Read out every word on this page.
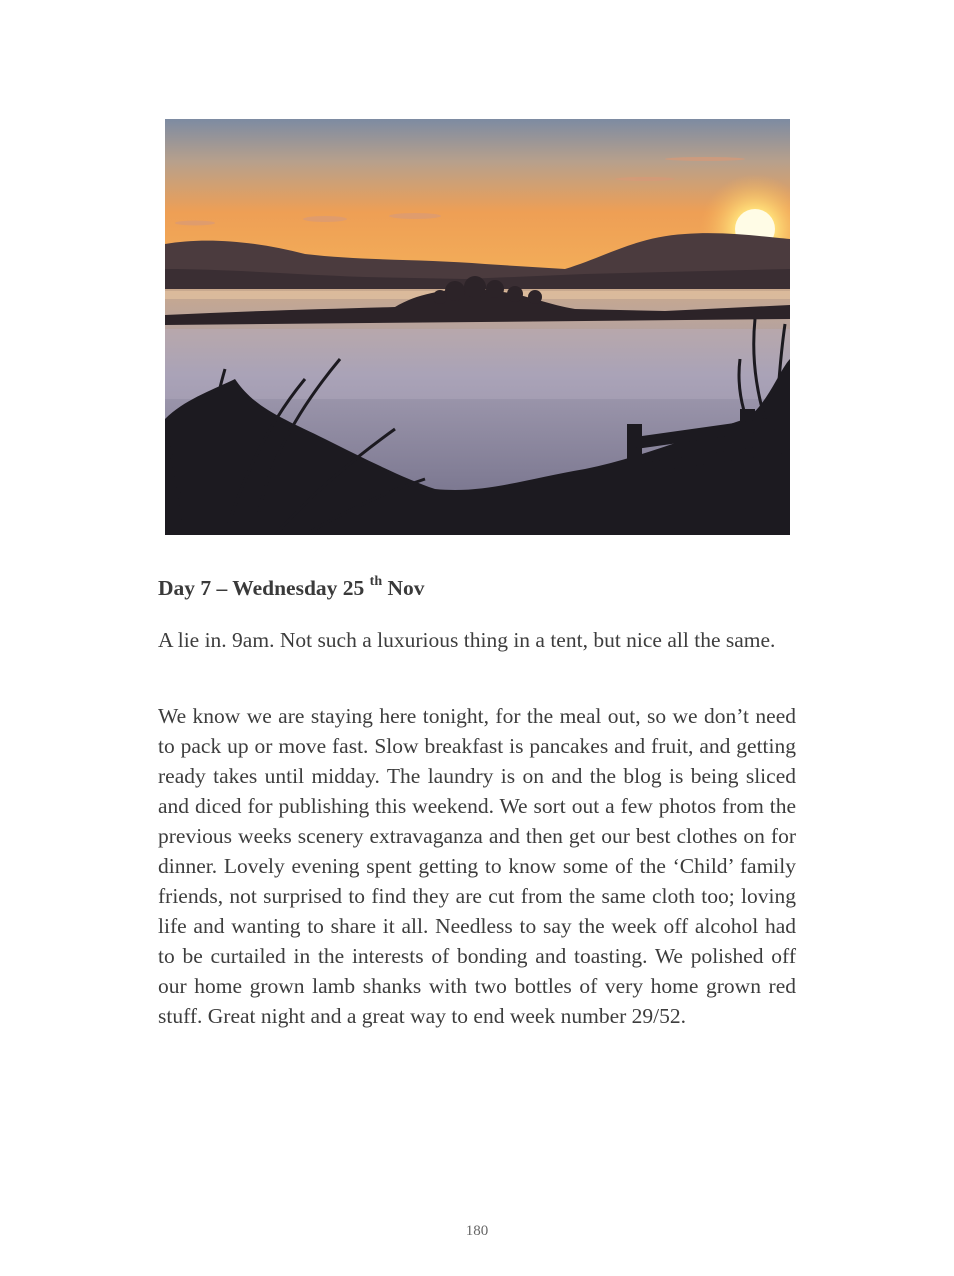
Day 7 – Wednesday 25 $^{th}$ Nov

A lie in. 9am. Not such a luxurious thing in a tent, but nice all the same.

We know we are staying here tonight, for the meal out, so we don’t need to pack up or move fast. Slow breakfast is pancakes and fruit, and getting ready takes until midday. The laundry is on and the blog is being sliced and diced for publishing this weekend. We sort out a few photos from the previous weeks scenery extravaganza and then get our best clothes on for dinner. Lovely evening spent getting to know some of the ‘Child’ family friends, not surprised to find they are cut from the same cloth too; loving life and wanting to share it all. Needless to say the week off alcohol had to be curtailed in the interests of bonding and toasting. We polished off our home grown lamb shanks with two bottles of very home grown red stuff. Great night and a great way to end week number 29/52.

180
